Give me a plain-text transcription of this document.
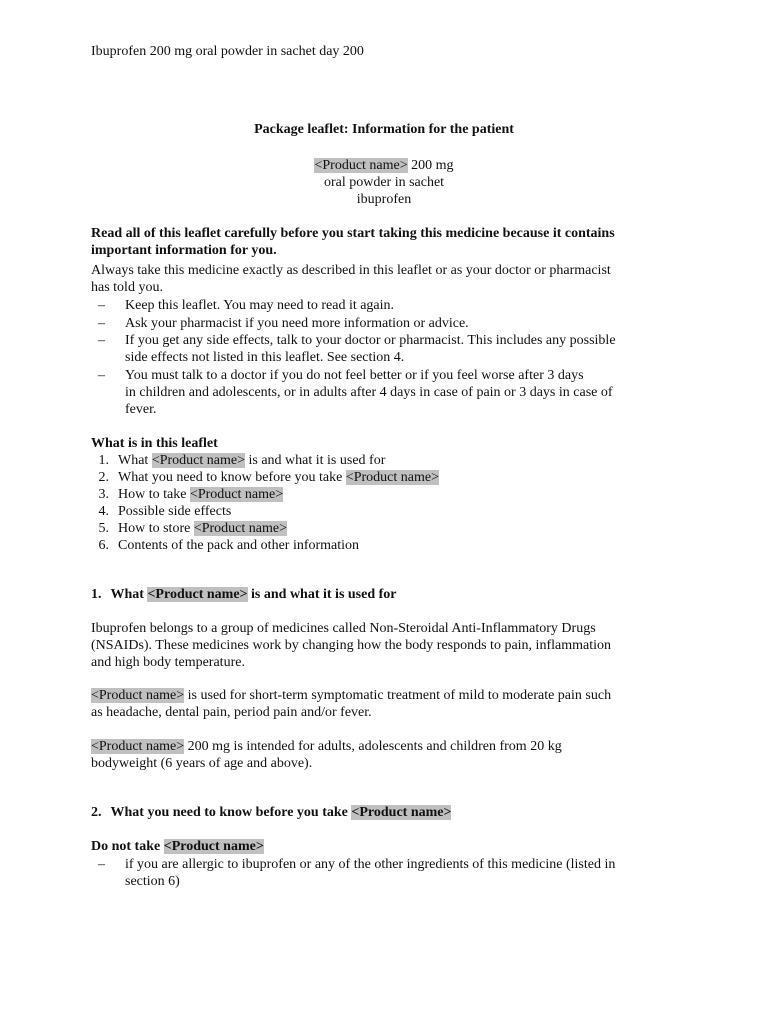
Ibuprofen 200 mg oral powder in sachet day 200
Package leaflet: Information for the patient
<Product name> 200 mg
oral powder in sachet
ibuprofen
Read all of this leaflet carefully before you start taking this medicine because it contains
important information for you.
Always take this medicine exactly as described in this leaflet or as your doctor or pharmacist
has told you.
– Keep this leaflet. You may need to read it again.
– Ask your pharmacist if you need more information or advice.
– If you get any side effects, talk to your doctor or pharmacist. This includes any possible
side effects not listed in this leaflet. See section 4.
– You must talk to a doctor if you do not feel better or if you feel worse after 3 days
in children and adolescents, or in adults after 4 days in case of pain or 3 days in case of
fever.
What is in this leaflet
1. What <Product name> is and what it is used for
2. What you need to know before you take <Product name>
3. How to take <Product name>
4. Possible side effects
5. How to store <Product name>
6. Contents of the pack and other information
1. What <Product name> is and what it is used for
Ibuprofen belongs to a group of medicines called Non-Steroidal Anti-Inflammatory Drugs
(NSAIDs). These medicines work by changing how the body responds to pain, inflammation
and high body temperature.
<Product name> is used for short-term symptomatic treatment of mild to moderate pain such
as headache, dental pain, period pain and/or fever.
<Product name> 200 mg is intended for adults, adolescents and children from 20 kg
bodyweight (6 years of age and above).
2. What you need to know before you take <Product name>
Do not take <Product name>
– if you are allergic to ibuprofen or any of the other ingredients of this medicine (listed in
section 6)
